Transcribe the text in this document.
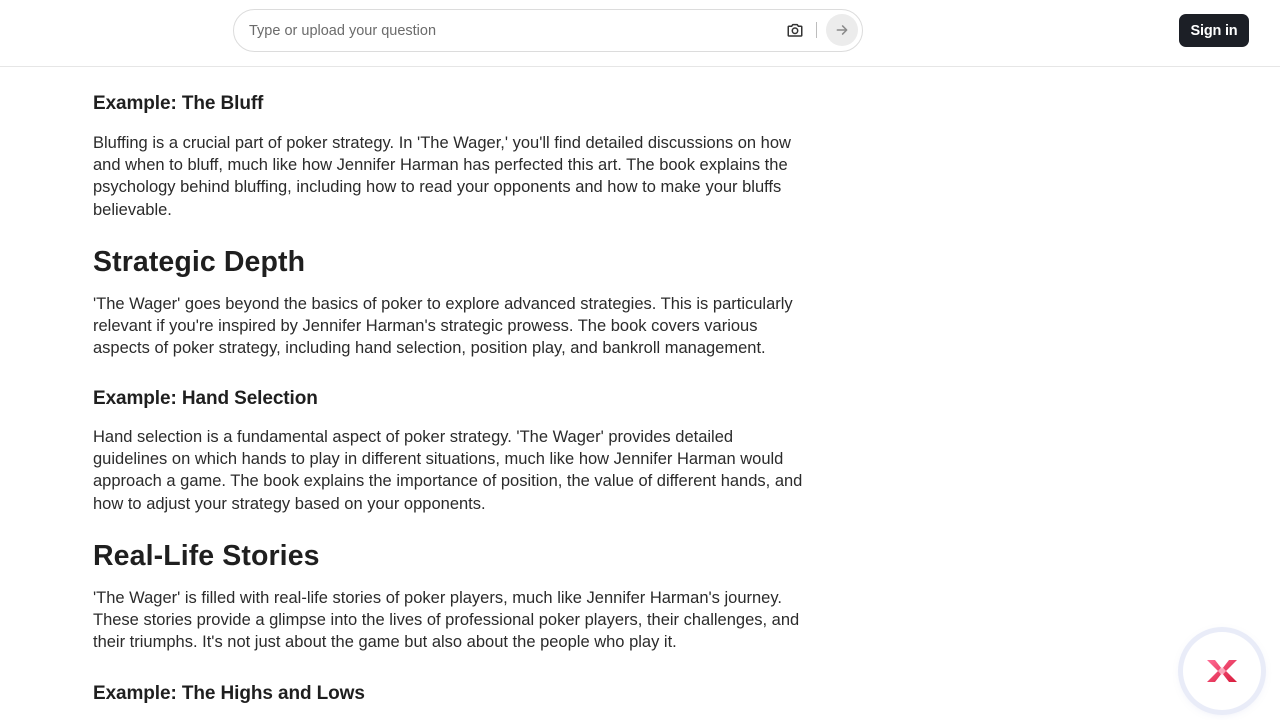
Type or upload your question
Sign in
Example: The Bluff
Bluffing is a crucial part of poker strategy. In 'The Wager,' you'll find detailed discussions on how and when to bluff, much like how Jennifer Harman has perfected this art. The book explains the psychology behind bluffing, including how to read your opponents and how to make your bluffs believable.
Strategic Depth
'The Wager' goes beyond the basics of poker to explore advanced strategies. This is particularly relevant if you're inspired by Jennifer Harman's strategic prowess. The book covers various aspects of poker strategy, including hand selection, position play, and bankroll management.
Example: Hand Selection
Hand selection is a fundamental aspect of poker strategy. 'The Wager' provides detailed guidelines on which hands to play in different situations, much like how Jennifer Harman would approach a game. The book explains the importance of position, the value of different hands, and how to adjust your strategy based on your opponents.
Real-Life Stories
'The Wager' is filled with real-life stories of poker players, much like Jennifer Harman's journey. These stories provide a glimpse into the lives of professional poker players, their challenges, and their triumphs. It's not just about the game but also about the people who play it.
Example: The Highs and Lows
